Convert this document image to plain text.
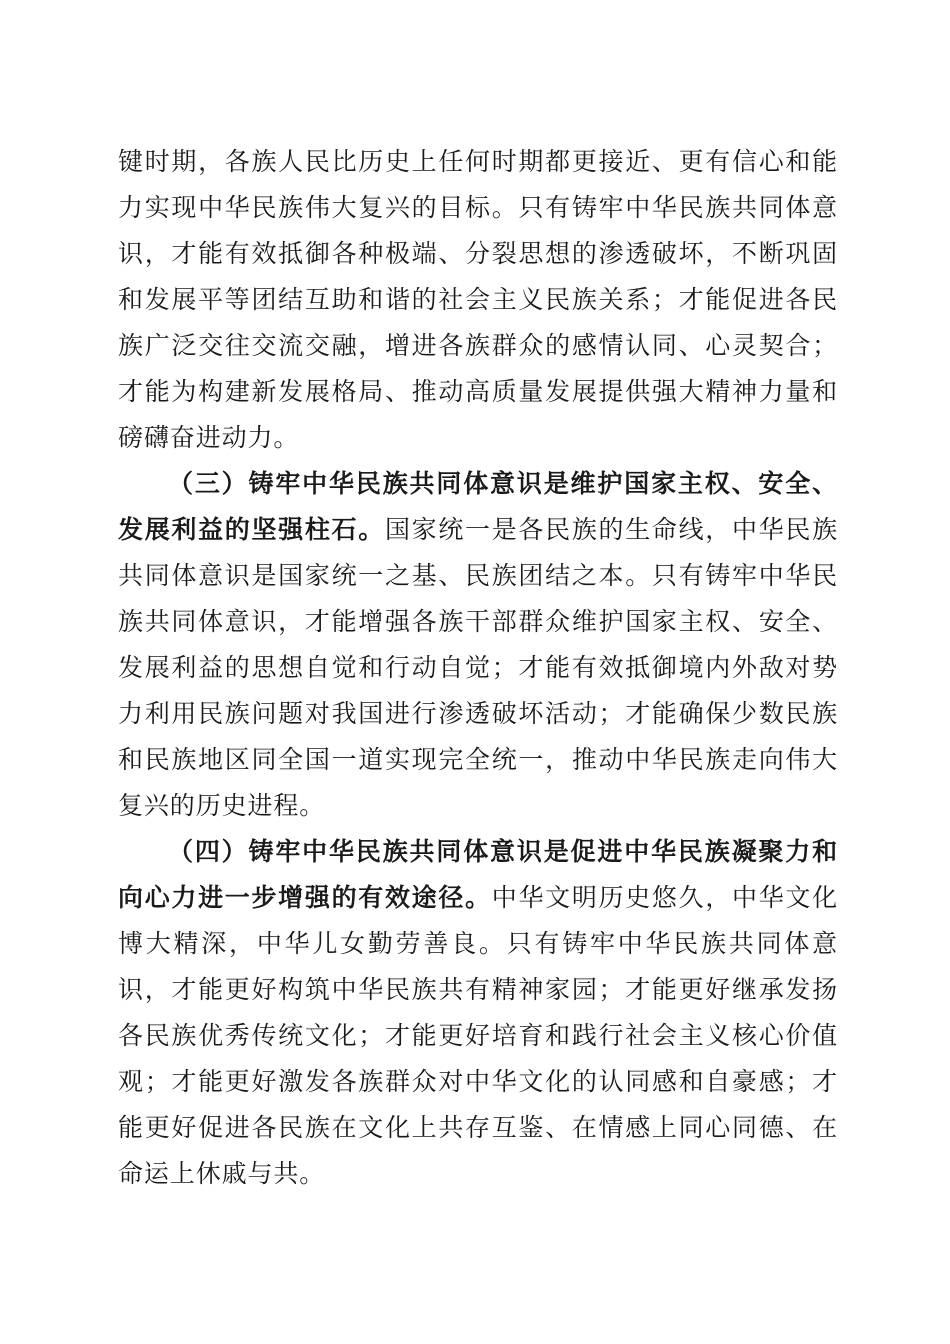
键时期，各族人民比历史上任何时期都更接近、更有信心和能力实现中华民族伟大复兴的目标。只有铸牢中华民族共同体意识，才能有效抵御各种极端、分裂思想的渗透破坏，不断巩固和发展平等团结互助和谐的社会主义民族关系；才能促进各民族广泛交往交流交融，增进各族群众的感情认同、心灵契合；才能为构建新发展格局、推动高质量发展提供强大精神力量和磅礴奋进动力。

（三）铸牢中华民族共同体意识是维护国家主权、安全、发展利益的坚强柱石。国家统一是各民族的生命线，中华民族共同体意识是国家统一之基、民族团结之本。只有铸牢中华民族共同体意识，才能增强各族干部群众维护国家主权、安全、发展利益的思想自觉和行动自觉；才能有效抵御境内外敌对势力利用民族问题对我国进行渗透破坏活动；才能确保少数民族和民族地区同全国一道实现完全统一，推动中华民族走向伟大复兴的历史进程。

（四）铸牢中华民族共同体意识是促进中华民族凝聚力和向心力进一步增强的有效途径。中华文明历史悠久，中华文化博大精深，中华儿女勤劳善良。只有铸牢中华民族共同体意识，才能更好构筑中华民族共有精神家园；才能更好继承发扬各民族优秀传统文化；才能更好培育和践行社会主义核心价值观；才能更好激发各族群众对中华文化的认同感和自豪感；才能更好促进各民族在文化上共存互鉴、在情感上同心同德、在命运上休戚与共。
